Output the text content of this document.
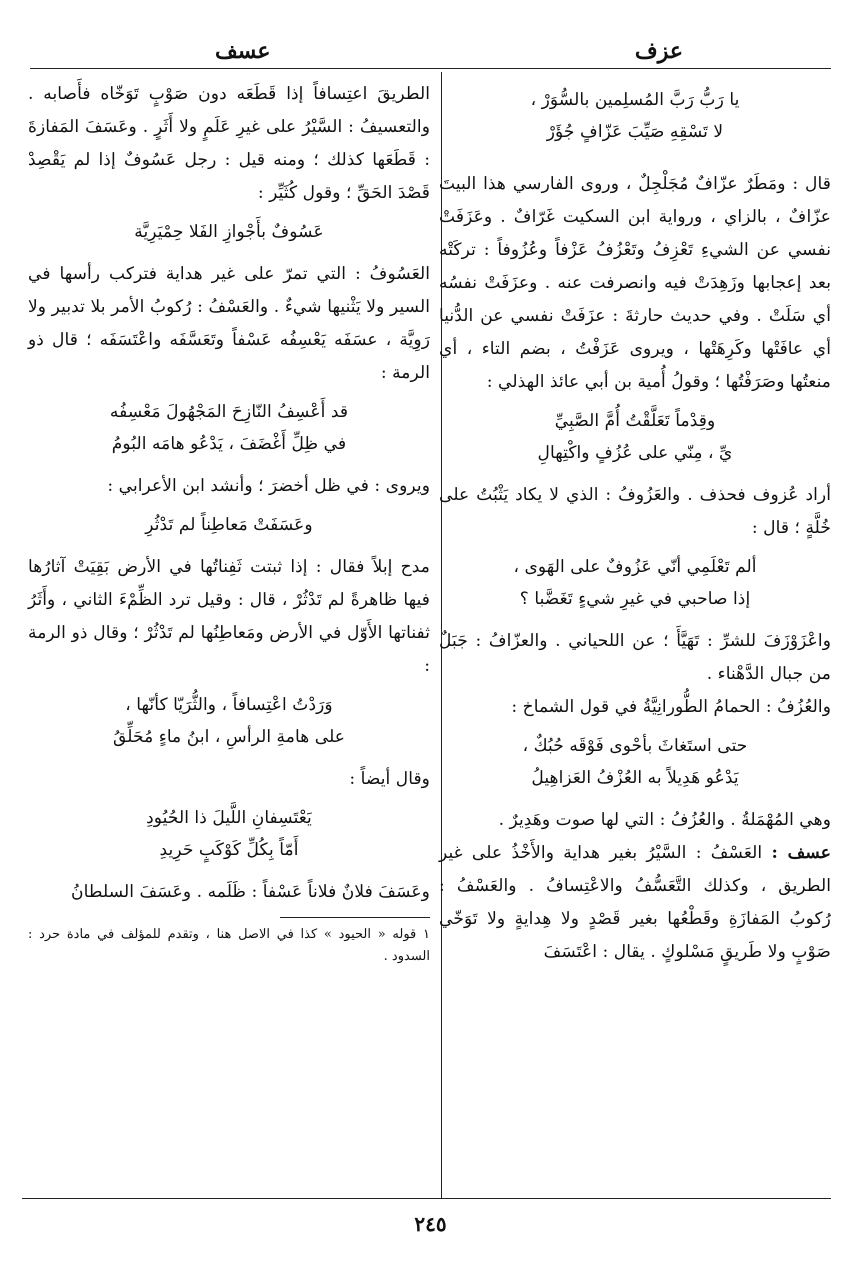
عزف
عسف
يا رَبُّ رَبَّ المُسلِمين بالسُّوَرْ ،
لا تَسْقِهِ صَيِّبَ عَزّافٍ جُؤَرْ

قال : ومَطَرٌ عزّافٌ مُجَلْجِلٌ ، وروى الفارسي هذا البيتَ عزّافٌ ، بالزاي ، ورواية ابن السكيت غَرّافٌ . وعَزَفَتْ نفسي عن الشيءِ تَعْزِفُ وتَعْزُفُ عَزْفاً وعُزُوفاً : تركَتْه بعد إعجابها وزَهِدَتْ فيه وانصرفت عنه . وعزَفَتْ نفسُه أي سَلَتْ . وفي حديث حارثةَ : عزَفَتْ نفسي عن الدُّنيا أي عافَتْها وكَرِهَتْها ، ويروى عَزَفْتُ ، بضم التاء ، أي منعتُها وصَرَفْتُها ؛ وقولُ أُمية بن أبي عائذ الهذلي :

وقِدْماً تَعَلَّقْتُ أُمَّ الصَّبِيِّ
يِّ ، مِنّي على عُزُفٍ واكْتِهالِ

أراد عُزوف فحذف . والعَزُوفُ : الذي لا يكاد يَثْبُتُ على خُلَّةٍ ؛ قال :

ألم تَعْلَمِي أنّي عَزُوفٌ على الهَوى ،
إذا صاحبي في غيرِ شيءٍ تَغَضَّبا ؟

واعْزَوْزَفَ للشرِّ : تَهَيَّأَ ؛ عن اللحياني . والعزّافُ : جَبَلٌ من جبال الدَّهْناء .

والعُزُفُ : الحمامُ الطُّورانِيَّةُ في قول الشماخ :

حتى استَغاثَ بأحْوى فَوْقَه حُبُكٌ ،
يَدْعُو هَدِيلاً به العُزْفُ العَزاهِيلُ

وهي المُهْمَلةُ . والعُزُفُ : التي لها صوت وهَدِيرٌ .

عسف : العَسْفُ : السَّيْرُ بغير هداية والأَخْذُ على غير الطريق ، وكذلك التَّعَسُّفُ والاعْتِسافُ . والعَسْفُ : رُكوبُ المَفازَةِ وقَطْعُها بغير قَصْدٍ ولا هِدايةٍ ولا تَوَخّي صَوْبٍ ولا طَريقٍ مَسْلوكٍ . يقال : اعْتَسَفَ

الطريقَ اعتِسافاً إذا قَطَعَه دون صَوْبٍ تَوَخّاه فأَصابه . والتعسيفُ : السَّيْرُ على غيرِ عَلَمٍ ولا أَثَرٍ . وعَسَفَ المَفازةَ : قَطَعَها كذلك ؛ ومنه قيل : رجل عَسُوفٌ إذا لم يَقْصِدْ قَصْدَ الحَقِّ ؛ وقول كُثَيِّر :

عَسُوفٌ بأَجْوازِ الفَلا حِمْيَرِيَّة

العَسُوفُ : التي تمرّ على غير هداية فتركب رأسها في السير ولا يَثْنيها شيءٌ . والعَسْفُ : رُكوبُ الأمر بلا تدبير ولا رَوِيَّة ، عسَفَه يَعْسِفُه عَسْفاً وتَعَسَّفَه واعْتَسَفَه ؛ قال ذو الرمة :

قد أَعْسِفُ النّازِحَ المَجْهُولَ مَعْسِفُه
في ظِلِّ أَغْضَفَ ، يَدْعُو هامَه البُومُ

ويروى : في ظل أخضرَ ؛ وأنشد ابن الأعرابي :

وعَسَفَتْ مَعاطِناً لم تَدْثُرِ

مدح إبلاً فقال : إذا ثبتت ثَفِناتُها في الأرض بَقِيَتْ آثارُها فيها ظاهرةً لم تَدْثُرْ ، قال : وقيل ترد الظِّمْءَ الثاني ، وأَثَرُ ثفناتها الأَوّل في الأرض ومَعاطِنُها لم تَدْثُرْ ؛ وقال ذو الرمة :

وَرَدْتُ اعْتِسافاً ، والثُّرَيّا كأنّها ،
على هامةِ الرأسِ ، ابنُ ماءٍ مُحَلِّقُ

وقال أيضاً :

يَعْتَسِفانِ اللَّيلَ ذا الحُيُودِ
أَمّاً بِكُلِّ كَوْكَبٍ حَرِيدِ

وعَسَفَ فلانٌ فلاناً عَسْفاً : ظَلَمه . وعَسَفَ السلطانُ

١ قوله « الحيود » كذا في الاصل هنا ، وتقدم للمؤلف في مادة حرد : السدود .

٢٤٥
